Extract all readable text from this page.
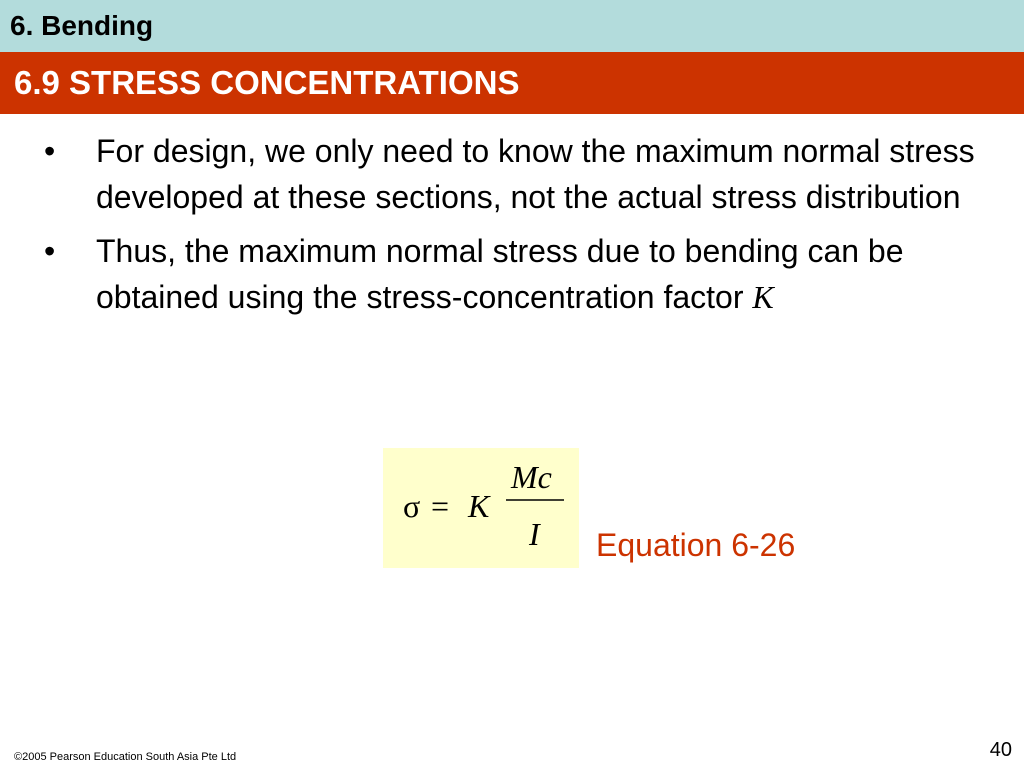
6. Bending
6.9 STRESS CONCENTRATIONS
• For design, we only need to know the maximum normal stress developed at these sections, not the actual stress distribution
• Thus, the maximum normal stress due to bending can be obtained using the stress-concentration factor K
σ = K
Mc
I Equation 6-26
©2005 Pearson Education South Asia Pte Ltd	40
